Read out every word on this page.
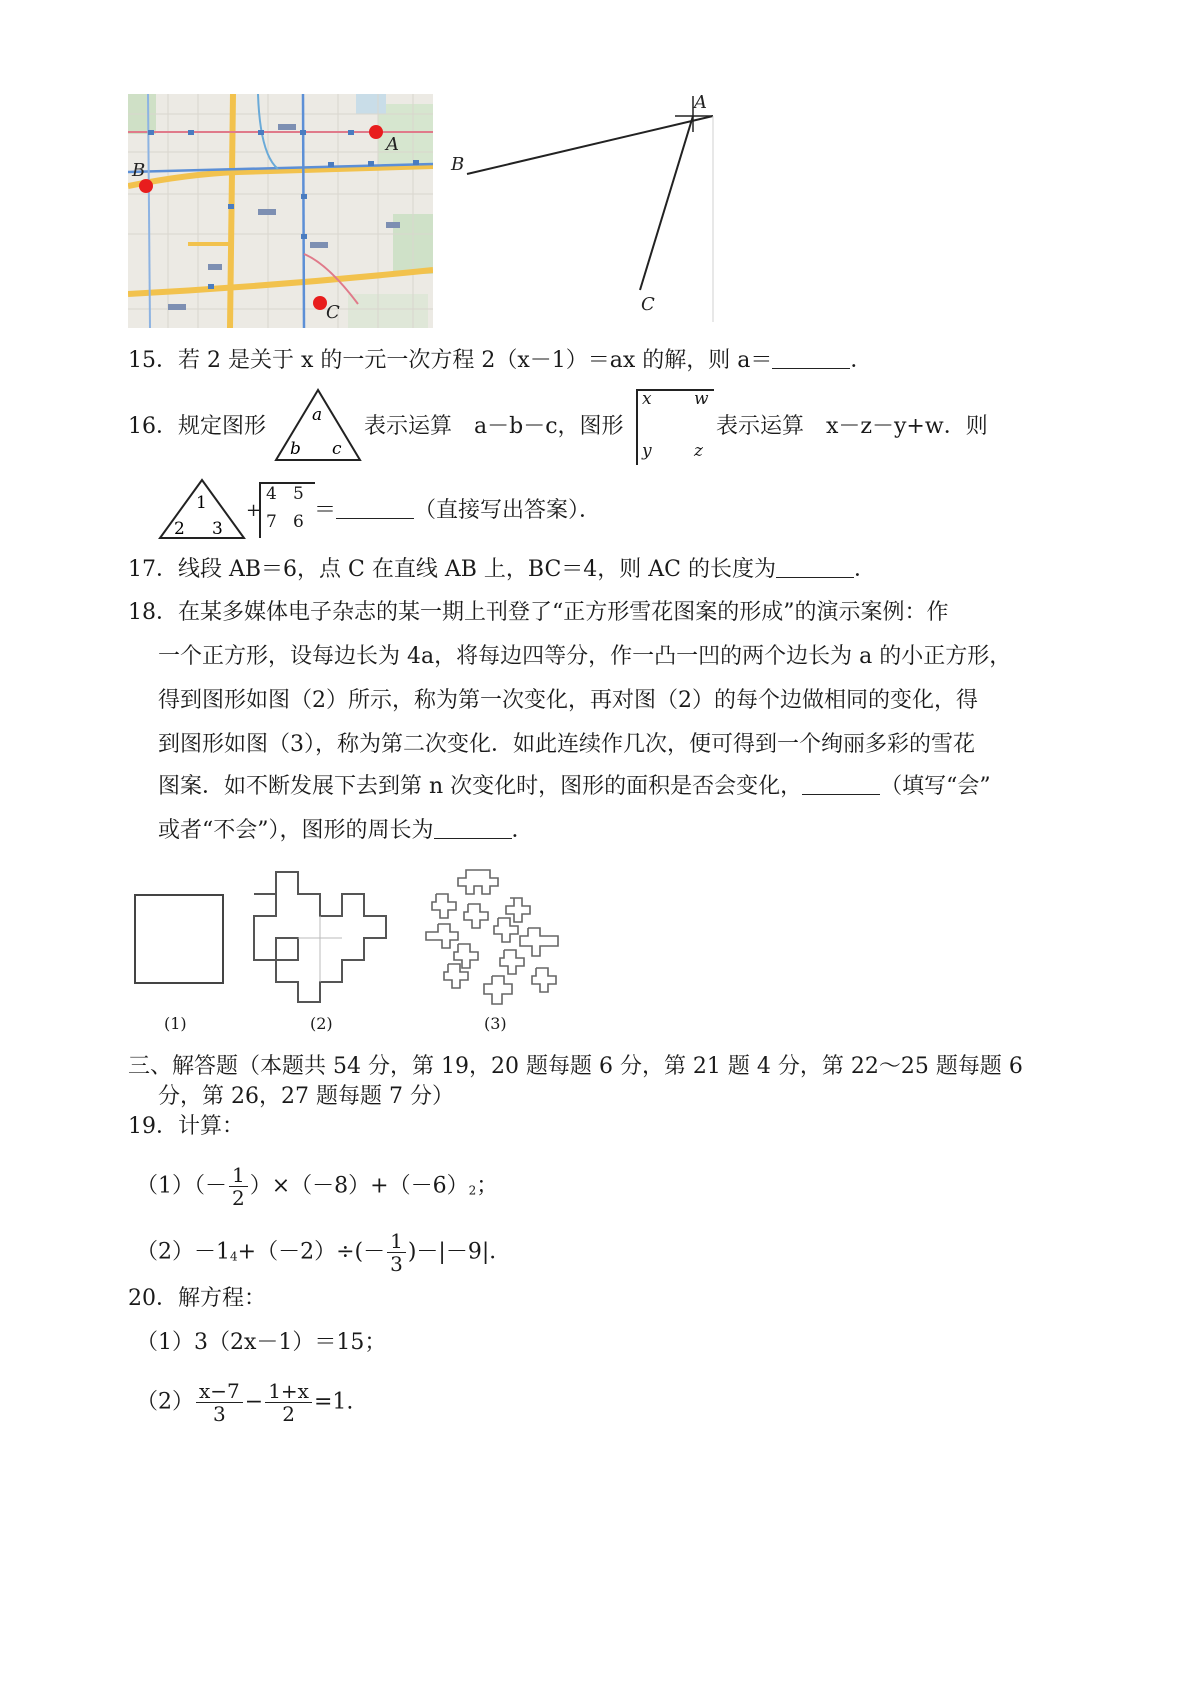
A
B
C
A
B
C
15．若 2 是关于 x 的一元一次方程 2（x－1）＝ax 的解，则 a＝	．
16．规定图形	a
b c
表示运算　a－b－c，图形
x w
y z
表示运算　x－z－y+w．则
1
2 3
+
4 5
7 6 ＝	（直接写出答案）．
17．线段 AB＝6，点 C 在直线 AB 上，BC＝4，则 AC 的长度为	．
18．在某多媒体电子杂志的某一期上刊登了“正方形雪花图案的形成”的演示案例：作
一个正方形，设每边长为 4a，将每边四等分，作一凸一凹的两个边长为 a 的小正方形，
得到图形如图（2）所示，称为第一次变化，再对图（2）的每个边做相同的变化，得
到图形如图（3），称为第二次变化．如此连续作几次，便可得到一个绚丽多彩的雪花
图案．如不断发展下去到第 n 次变化时，图形的面积是否会变化，	（填写“会”
或者“不会”），图形的周长为	．
(1)	(2)	(3)
三、解答题（本题共 54 分，第 19，20 题每题 6 分，第 21 题 4 分，第 22～25 题每题 6
分，第 26，27 题每题 7 分）
19．计算：
$(1)(- \frac{1}{2} )\times(-8)+(-6)2$；
$(2)-14+(-2)\div(- \frac{1}{3} )-|-9|$．
20．解方程：
（1）3（2x－1）＝15；
$(2) \frac{x-7}{3} - \frac{1+x}{2} =1$.
